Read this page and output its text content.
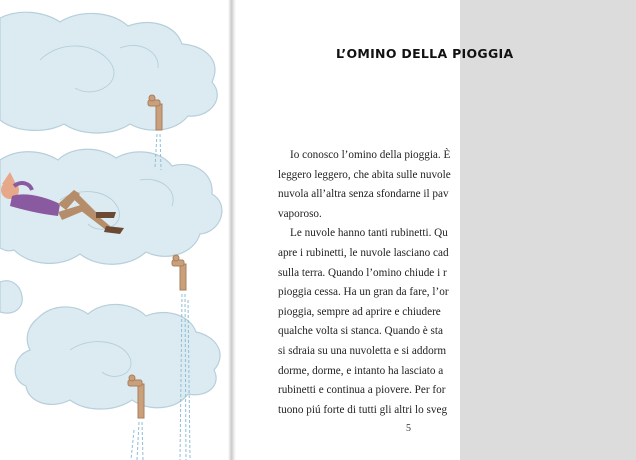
L’OMINO DELLA PIOGGIA
Io conosco l’omino della pioggia. È
leggero leggero, che abita sulle nuvole
nuvola all’altra senza sfondarne il pav
vaporoso.
Le nuvole hanno tanti rubinetti. Qu
apre i rubinetti, le nuvole lasciano cad
sulla terra. Quando l’omino chiude i r
pioggia cessa. Ha un gran da fare, l’or
pioggia, sempre ad aprire e chiudere
qualche volta si stanca. Quando è sta
si sdraia su una nuvoletta e si addorm
dorme, dorme, e intanto ha lasciato a
rubinetti e continua a piovere. Per for
tuono piú forte di tutti gli altri lo sveg
5
